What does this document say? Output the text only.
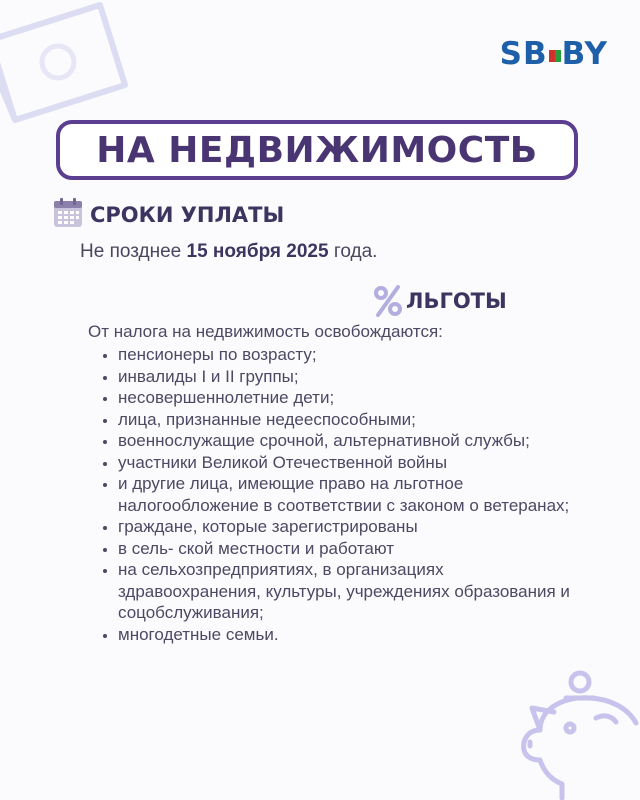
SB BY
НА НЕДВИЖИМОСТЬ
СРОКИ УПЛАТЫ
Не позднее 15 ноября 2025 года.
ЛЬГОТЫ
От налога на недвижимость освобождаются:
• пенсионеры по возрасту;
• инвалиды I и II группы;
• несовершеннолетние дети;
• лица, признанные недееспособными;
• военнослужащие срочной, альтернативной службы;
• участники Великой Отечественной войны
• и другие лица, имеющие право на льготное налогообложение в соответствии с законом о ветеранах;
• граждане, которые зарегистрированы
• в сель- ской местности и работают
• на сельхозпредприятиях, в организациях здравоохранения, культуры, учреждениях образования и соцобслуживания;
• многодетные семьи.
